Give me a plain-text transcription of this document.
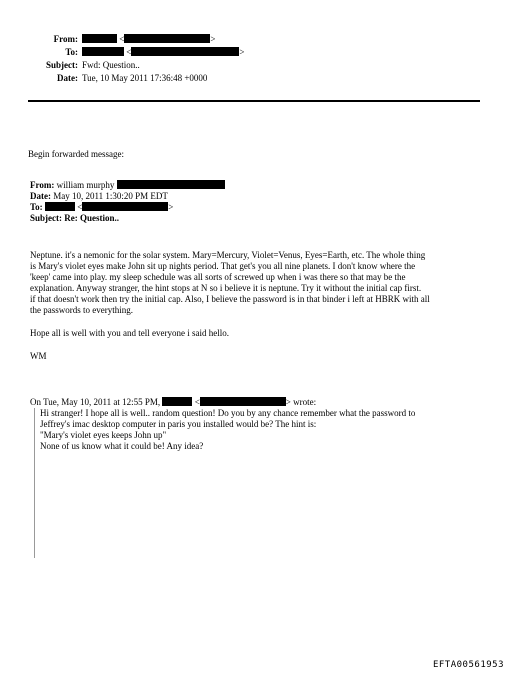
From:	<	>
To:	<	>
Subject: Fwd: Question..
Date: Tue, 10 May 2011 17:36:48 +0000
Begin forwarded message:
From: william murphy
Date: May 10, 2011 1:30:20 PM EDT
To:	<	>
Subject: Re: Question..

Neptune. it's a nemonic for the solar system. Mary=Mercury, Violet=Venus, Eyes=Earth, etc. The whole thing
is Mary's violet eyes make John sit up nights period. That get's you all nine planets. I don't know where the
'keep' came into play. my sleep schedule was all sorts of screwed up when i was there so that may be the
explanation. Anyway stranger, the hint stops at N so i believe it is neptune. Try it without the initial cap first.
if that doesn't work then try the initial cap. Also, I believe the password is in that binder i left at HBRK with all
the passwords to everything.

Hope all is well with you and tell everyone i said hello.

WM

On Tue, May 10, 2011 at 12:55 PM,	<	> wrote:
Hi stranger! I hope all is well.. random question! Do you by any chance remember what the password to
Jeffrey's imac desktop computer in paris you installed would be? The hint is:
"Mary's violet eyes keeps John up"
None of us know what it could be! Any idea?
EFTA00561953
